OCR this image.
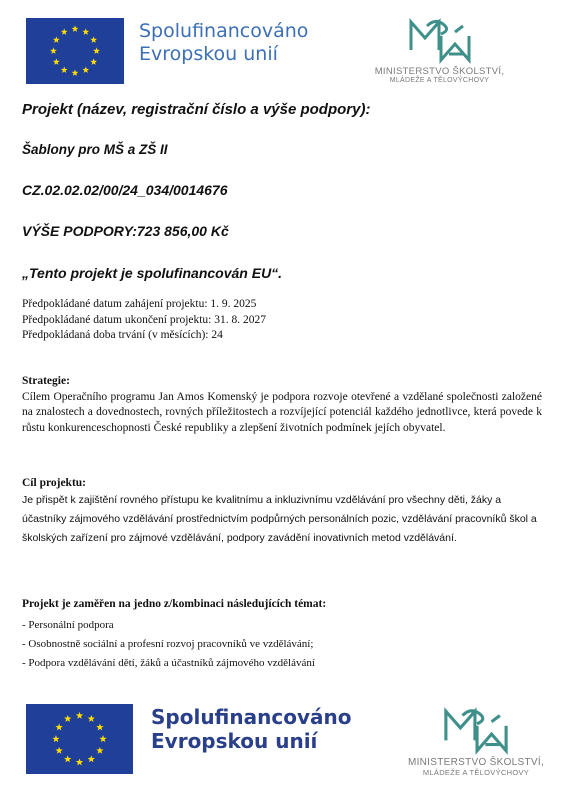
Spolufinancováno
Evropskou unií
MINISTERSTVO ŠKOLSTVÍ,
MLÁDEŽE A TĚLOVÝCHOVY
Projekt (název, registrační číslo a výše podpory):
Šablony pro MŠ a ZŠ II
CZ.02.02.02/00/24_034/0014676
VÝŠE PODPORY:723 856,00 Kč
„Tento projekt je spolufinancován EU“.
Předpokládané datum zahájení projektu: 1. 9. 2025
Předpokládané datum ukončení projektu: 31. 8. 2027
Předpokládaná doba trvání (v měsících): 24
Strategie:
Cílem Operačního programu Jan Amos Komenský je podpora rozvoje otevřené a vzdělané společnosti založené na znalostech a dovednostech, rovných příležitostech a rozvíjející potenciál každého jednotlivce, která povede k růstu konkurenceschopnosti České republiky a zlepšení životních podmínek jejích obyvatel.
Cíl projektu:
Je přispět k zajištění rovného přístupu ke kvalitnímu a inkluzivnímu vzdělávání pro všechny děti, žáky a účastníky zájmového vzdělávání prostřednictvím podpůrných personálních pozic, vzdělávání pracovníků škol a školských zařízení pro zájmové vzdělávání, podpory zavádění inovativních metod vzdělávání.
Projekt je zaměřen na jedno z/kombinaci následujících témat:
- Personální podpora
- Osobnostně sociální a profesní rozvoj pracovníků ve vzdělávání;
- Podpora vzdělávání dětí, žáků a účastníků zájmového vzdělávání
Spolufinancováno
Evropskou unií
MINISTERSTVO ŠKOLSTVÍ,
MLÁDEŽE A TĚLOVÝCHOVY
